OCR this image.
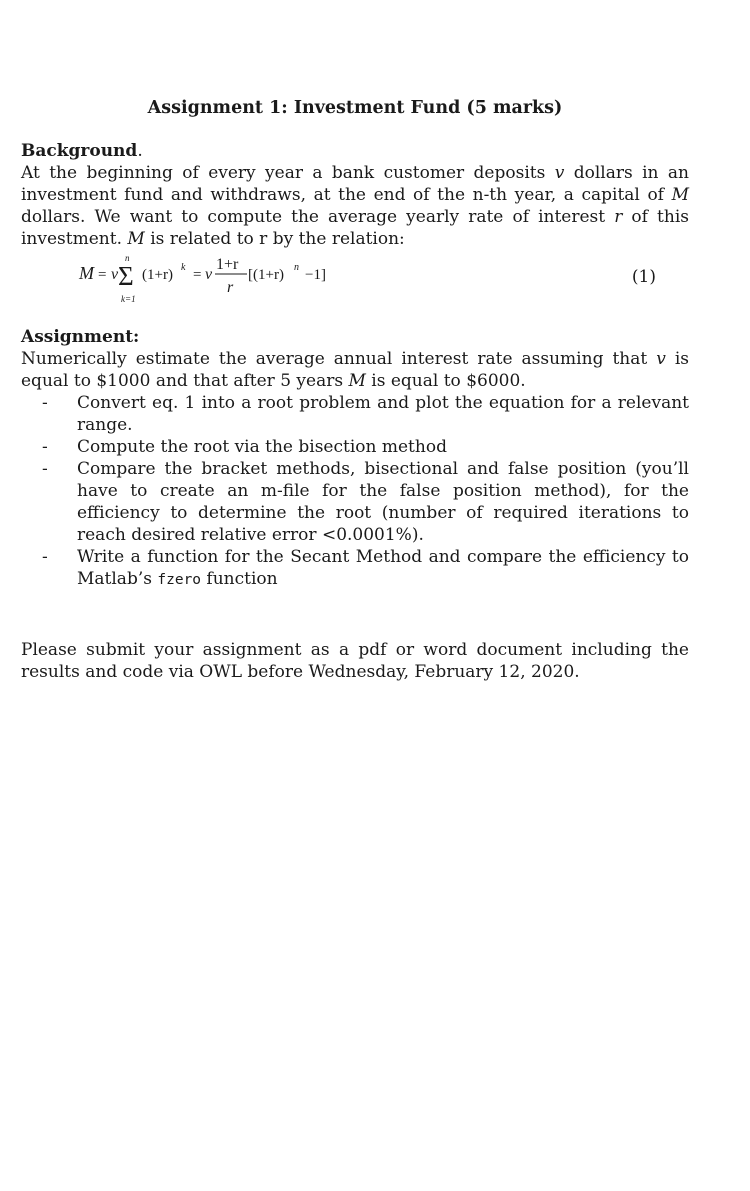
Assignment 1: Investment Fund (5 marks)

Background.

At the beginning of every year a bank customer deposits v dollars in an investment fund and withdraws, at the end of the n-th year, a capital of M dollars. We want to compute the average yearly rate of interest r of this investment. M is related to r by the relation:

M = v
n
Σ
k=1
(1+r) k = v
1+r
r
[(1+r) n −1]	(1)

Assignment:

Numerically estimate the average annual interest rate assuming that v is equal to $1000 and that after 5 years M is equal to $6000.

- Convert eq. 1 into a root problem and plot the equation for a relevant range.
- Compute the root via the bisection method
- Compare the bracket methods, bisectional and false position (you’ll have to create an m-file for the false position method), for the efficiency to determine the root (number of required iterations to reach desired relative error <0.0001%).
- Write a function for the Secant Method and compare the efficiency to Matlab’s fzero function

Please submit your assignment as a pdf or word document including the results and code via OWL before Wednesday, February 12, 2020.
